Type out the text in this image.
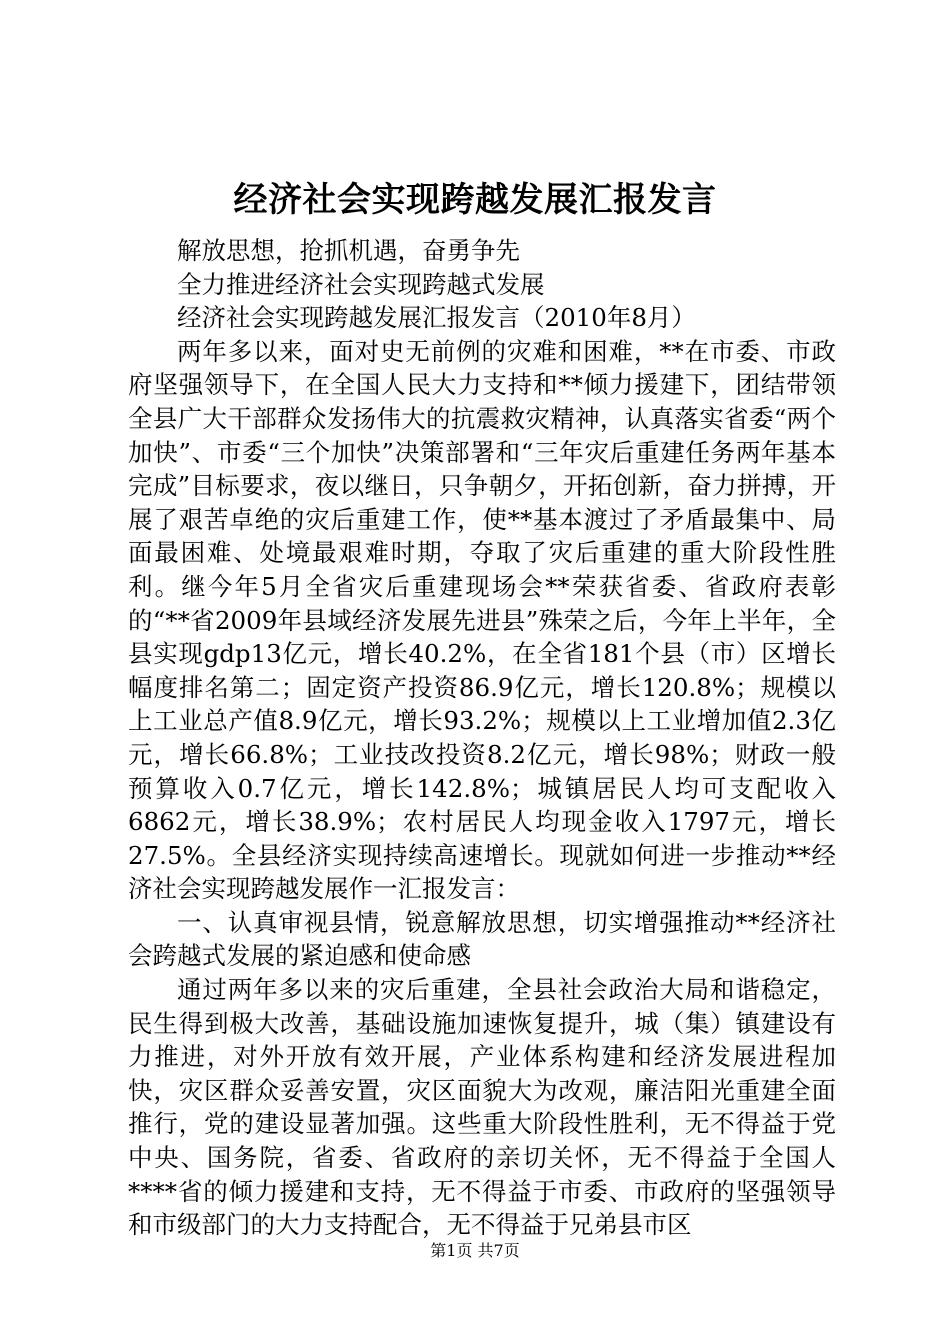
经济社会实现跨越发展汇报发言

解放思想，抢抓机遇，奋勇争先

全力推进经济社会实现跨越式发展

经济社会实现跨越发展汇报发言（2010年8月）

两年多以来，面对史无前例的灾难和困难，**在市委、市政府坚强领导下，在全国人民大力支持和**倾力援建下，团结带领全县广大干部群众发扬伟大的抗震救灾精神，认真落实省委“两个加快”、市委“三个加快”决策部署和“三年灾后重建任务两年基本完成”目标要求，夜以继日，只争朝夕，开拓创新，奋力拼搏，开展了艰苦卓绝的灾后重建工作，使**基本渡过了矛盾最集中、局面最困难、处境最艰难时期，夺取了灾后重建的重大阶段性胜利。继今年5月全省灾后重建现场会**荣获省委、省政府表彰的“**省2009年县域经济发展先进县”殊荣之后，今年上半年，全县实现gdp13亿元，增长40.2%，在全省181个县（市）区增长幅度排名第二；固定资产投资86.9亿元，增长120.8%；规模以上工业总产值8.9亿元，增长93.2%；规模以上工业增加值2.3亿元，增长66.8%；工业技改投资8.2亿元，增长98%；财政一般预算收入0.7亿元，增长142.8%；城镇居民人均可支配收入6862元，增长38.9%；农村居民人均现金收入1797元，增长27.5%。全县经济实现持续高速增长。现就如何进一步推动**经济社会实现跨越发展作一汇报发言：

一、认真审视县情，锐意解放思想，切实增强推动**经济社会跨越式发展的紧迫感和使命感

通过两年多以来的灾后重建，全县社会政治大局和谐稳定，民生得到极大改善，基础设施加速恢复提升，城（集）镇建设有力推进，对外开放有效开展，产业体系构建和经济发展进程加快，灾区群众妥善安置，灾区面貌大为改观，廉洁阳光重建全面推行，党的建设显著加强。这些重大阶段性胜利，无不得益于党中央、国务院，省委、省政府的亲切关怀，无不得益于全国人****省的倾力援建和支持，无不得益于市委、市政府的坚强领导和市级部门的大力支持配合，无不得益于兄弟县市区

第1页 共7页
